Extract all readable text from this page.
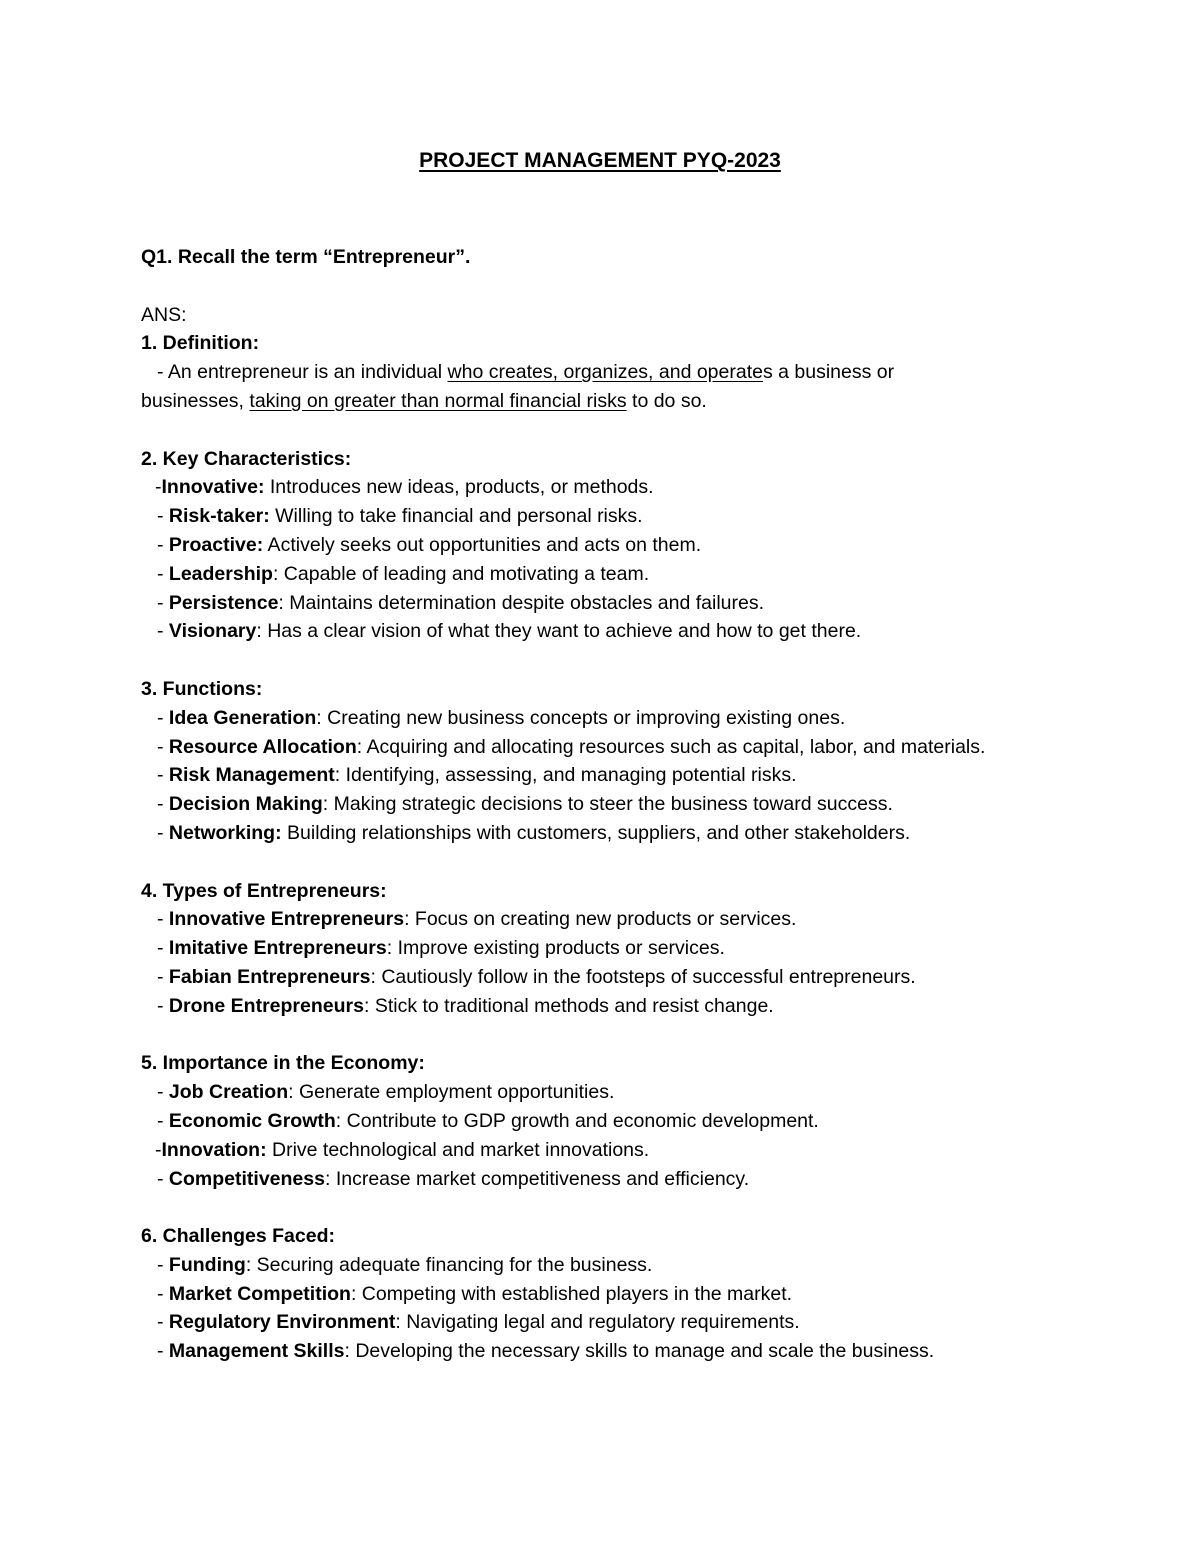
PROJECT MANAGEMENT PYQ-2023
Q1. Recall the term “Entrepreneur”.
ANS:
1. Definition:
- An entrepreneur is an individual who creates, organizes, and operates a business or
businesses, taking on greater than normal financial risks to do so.
2. Key Characteristics:
-Innovative: Introduces new ideas, products, or methods.
- Risk-taker: Willing to take financial and personal risks.
- Proactive: Actively seeks out opportunities and acts on them.
- Leadership: Capable of leading and motivating a team.
- Persistence: Maintains determination despite obstacles and failures.
- Visionary: Has a clear vision of what they want to achieve and how to get there.
3. Functions:
- Idea Generation: Creating new business concepts or improving existing ones.
- Resource Allocation: Acquiring and allocating resources such as capital, labor, and materials.
- Risk Management: Identifying, assessing, and managing potential risks.
- Decision Making: Making strategic decisions to steer the business toward success.
- Networking: Building relationships with customers, suppliers, and other stakeholders.
4. Types of Entrepreneurs:
- Innovative Entrepreneurs: Focus on creating new products or services.
- Imitative Entrepreneurs: Improve existing products or services.
- Fabian Entrepreneurs: Cautiously follow in the footsteps of successful entrepreneurs.
- Drone Entrepreneurs: Stick to traditional methods and resist change.
5. Importance in the Economy:
- Job Creation: Generate employment opportunities.
- Economic Growth: Contribute to GDP growth and economic development.
-Innovation: Drive technological and market innovations.
- Competitiveness: Increase market competitiveness and efficiency.
6. Challenges Faced:
- Funding: Securing adequate financing for the business.
- Market Competition: Competing with established players in the market.
- Regulatory Environment: Navigating legal and regulatory requirements.
- Management Skills: Developing the necessary skills to manage and scale the business.
